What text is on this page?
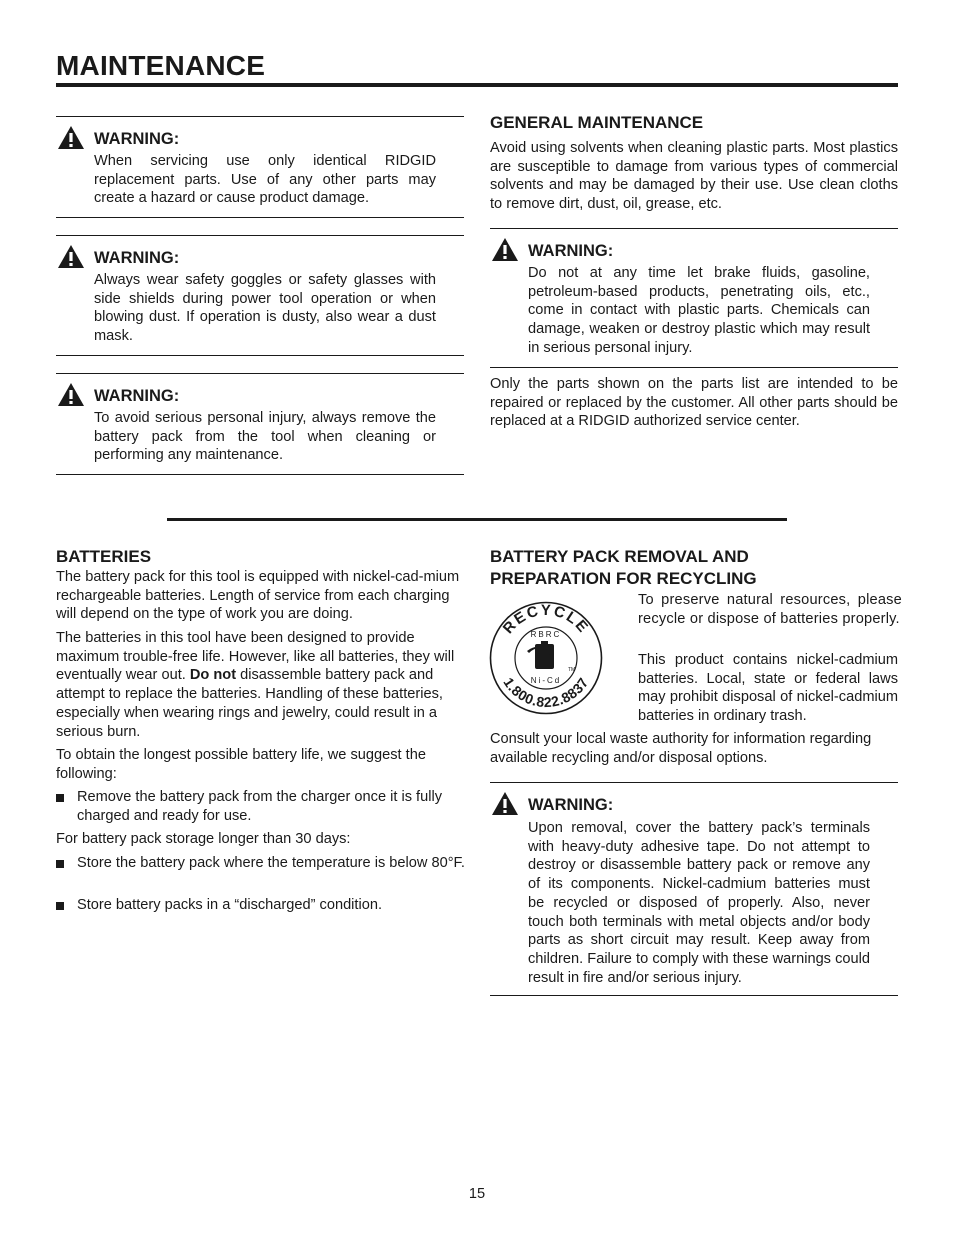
MAINTENANCE
WARNING:
When servicing use only identical RIDGID replacement parts. Use of any other parts may create a hazard or cause product damage.
WARNING:
Always wear safety goggles or safety glasses with side shields during power tool operation or when blowing dust. If operation is dusty, also wear a dust mask.
WARNING:
To avoid serious personal injury, always remove the battery pack from the tool when cleaning or performing any maintenance.
GENERAL MAINTENANCE
Avoid using solvents when cleaning plastic parts. Most plastics are susceptible to damage from various types of commercial solvents and may be damaged by their use. Use clean cloths to remove dirt, dust, oil, grease, etc.
WARNING:
Do not at any time let brake fluids, gasoline, petroleum-based products, penetrating oils, etc., come in contact with plastic parts. Chemicals can damage, weaken or destroy plastic which may result in serious personal injury.
Only the parts shown on the parts list are intended to be repaired or replaced by the customer. All other parts should be replaced at a RIDGID authorized service center.
BATTERIES
The battery pack for this tool is equipped with nickel-cad-mium rechargeable batteries. Length of service from each charging will depend on the type of work you are doing.
The batteries in this tool have been designed to provide maximum trouble-free life. However, like all batteries, they will eventually wear out. Do not disassemble battery pack and attempt to replace the batteries. Handling of these batteries, especially when wearing rings and jewelry, could result in a serious burn.
To obtain the longest possible battery life, we suggest the following:
Remove the battery pack from the charger once it is fully charged and ready for use.
For battery pack storage longer than 30 days:
Store the battery pack where the temperature is below 80°F.
Store battery packs in a “discharged” condition.
BATTERY PACK REMOVAL AND
PREPARATION FOR RECYCLING
RECYCLE
1.800.822.8837
RBRC
Ni-Cd
TM
To preserve natural resources, please recycle or dispose of batteries properly.
This product contains nickel-cadmium batteries. Local, state or federal laws may prohibit disposal of nickel-cadmium batteries in ordinary trash.
Consult your local waste authority for information regarding available recycling and/or disposal options.
WARNING:
Upon removal, cover the battery pack’s terminals with heavy-duty adhesive tape. Do not attempt to destroy or disassemble battery pack or remove any of its components. Nickel-cadmium batteries must be recycled or disposed of properly. Also, never touch both terminals with metal objects and/or body parts as short circuit may result. Keep away from children. Failure to comply with these warnings could result in fire and/or serious injury.
15
